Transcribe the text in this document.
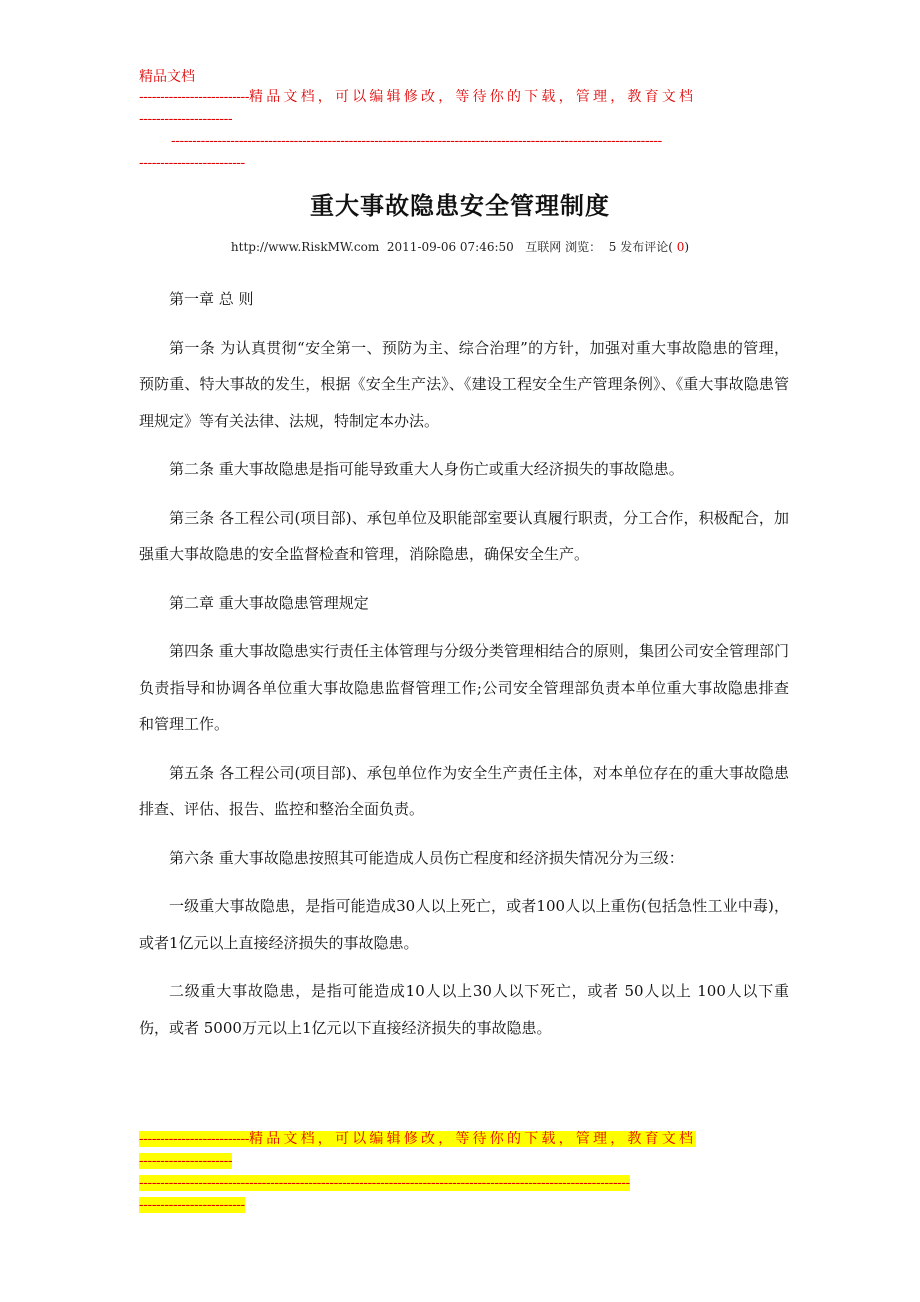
精品文档
--------------------------精品文档，可以编辑修改，等待你的下载，管理，教育文档
----------------------
--------------------------------------------------------------------------------------------------------------------
-------------------------
重大事故隐患安全管理制度
http://www.RiskMW.com 2011-09-06 07:46:50 互联网 浏览： 5 发布评论( 0)

第一章 总 则

第一条 为认真贯彻“安全第一、预防为主、综合治理”的方针，加强对重大事故隐患的管理，预防重、特大事故的发生，根据《安全生产法》、《建设工程安全生产管理条例》、《重大事故隐患管理规定》等有关法律、法规，特制定本办法。

第二条 重大事故隐患是指可能导致重大人身伤亡或重大经济损失的事故隐患。

第三条 各工程公司(项目部)、承包单位及职能部室要认真履行职责，分工合作，积极配合，加强重大事故隐患的安全监督检查和管理，消除隐患，确保安全生产。

第二章 重大事故隐患管理规定

第四条 重大事故隐患实行责任主体管理与分级分类管理相结合的原则，集团公司安全管理部门负责指导和协调各单位重大事故隐患监督管理工作;公司安全管理部负责本单位重大事故隐患排查和管理工作。

第五条 各工程公司(项目部)、承包单位作为安全生产责任主体，对本单位存在的重大事故隐患排查、评估、报告、监控和整治全面负责。

第六条 重大事故隐患按照其可能造成人员伤亡程度和经济损失情况分为三级：

一级重大事故隐患，是指可能造成30人以上死亡，或者100人以上重伤(包括急性工业中毒)，或者1亿元以上直接经济损失的事故隐患。

二级重大事故隐患，是指可能造成10人以上30人以下死亡，或者 50人以上 100人以下重伤，或者 5000万元以上1亿元以下直接经济损失的事故隐患。

--------------------------精品文档，可以编辑修改，等待你的下载，管理，教育文档
----------------------
--------------------------------------------------------------------------------------------------------------------
-------------------------
